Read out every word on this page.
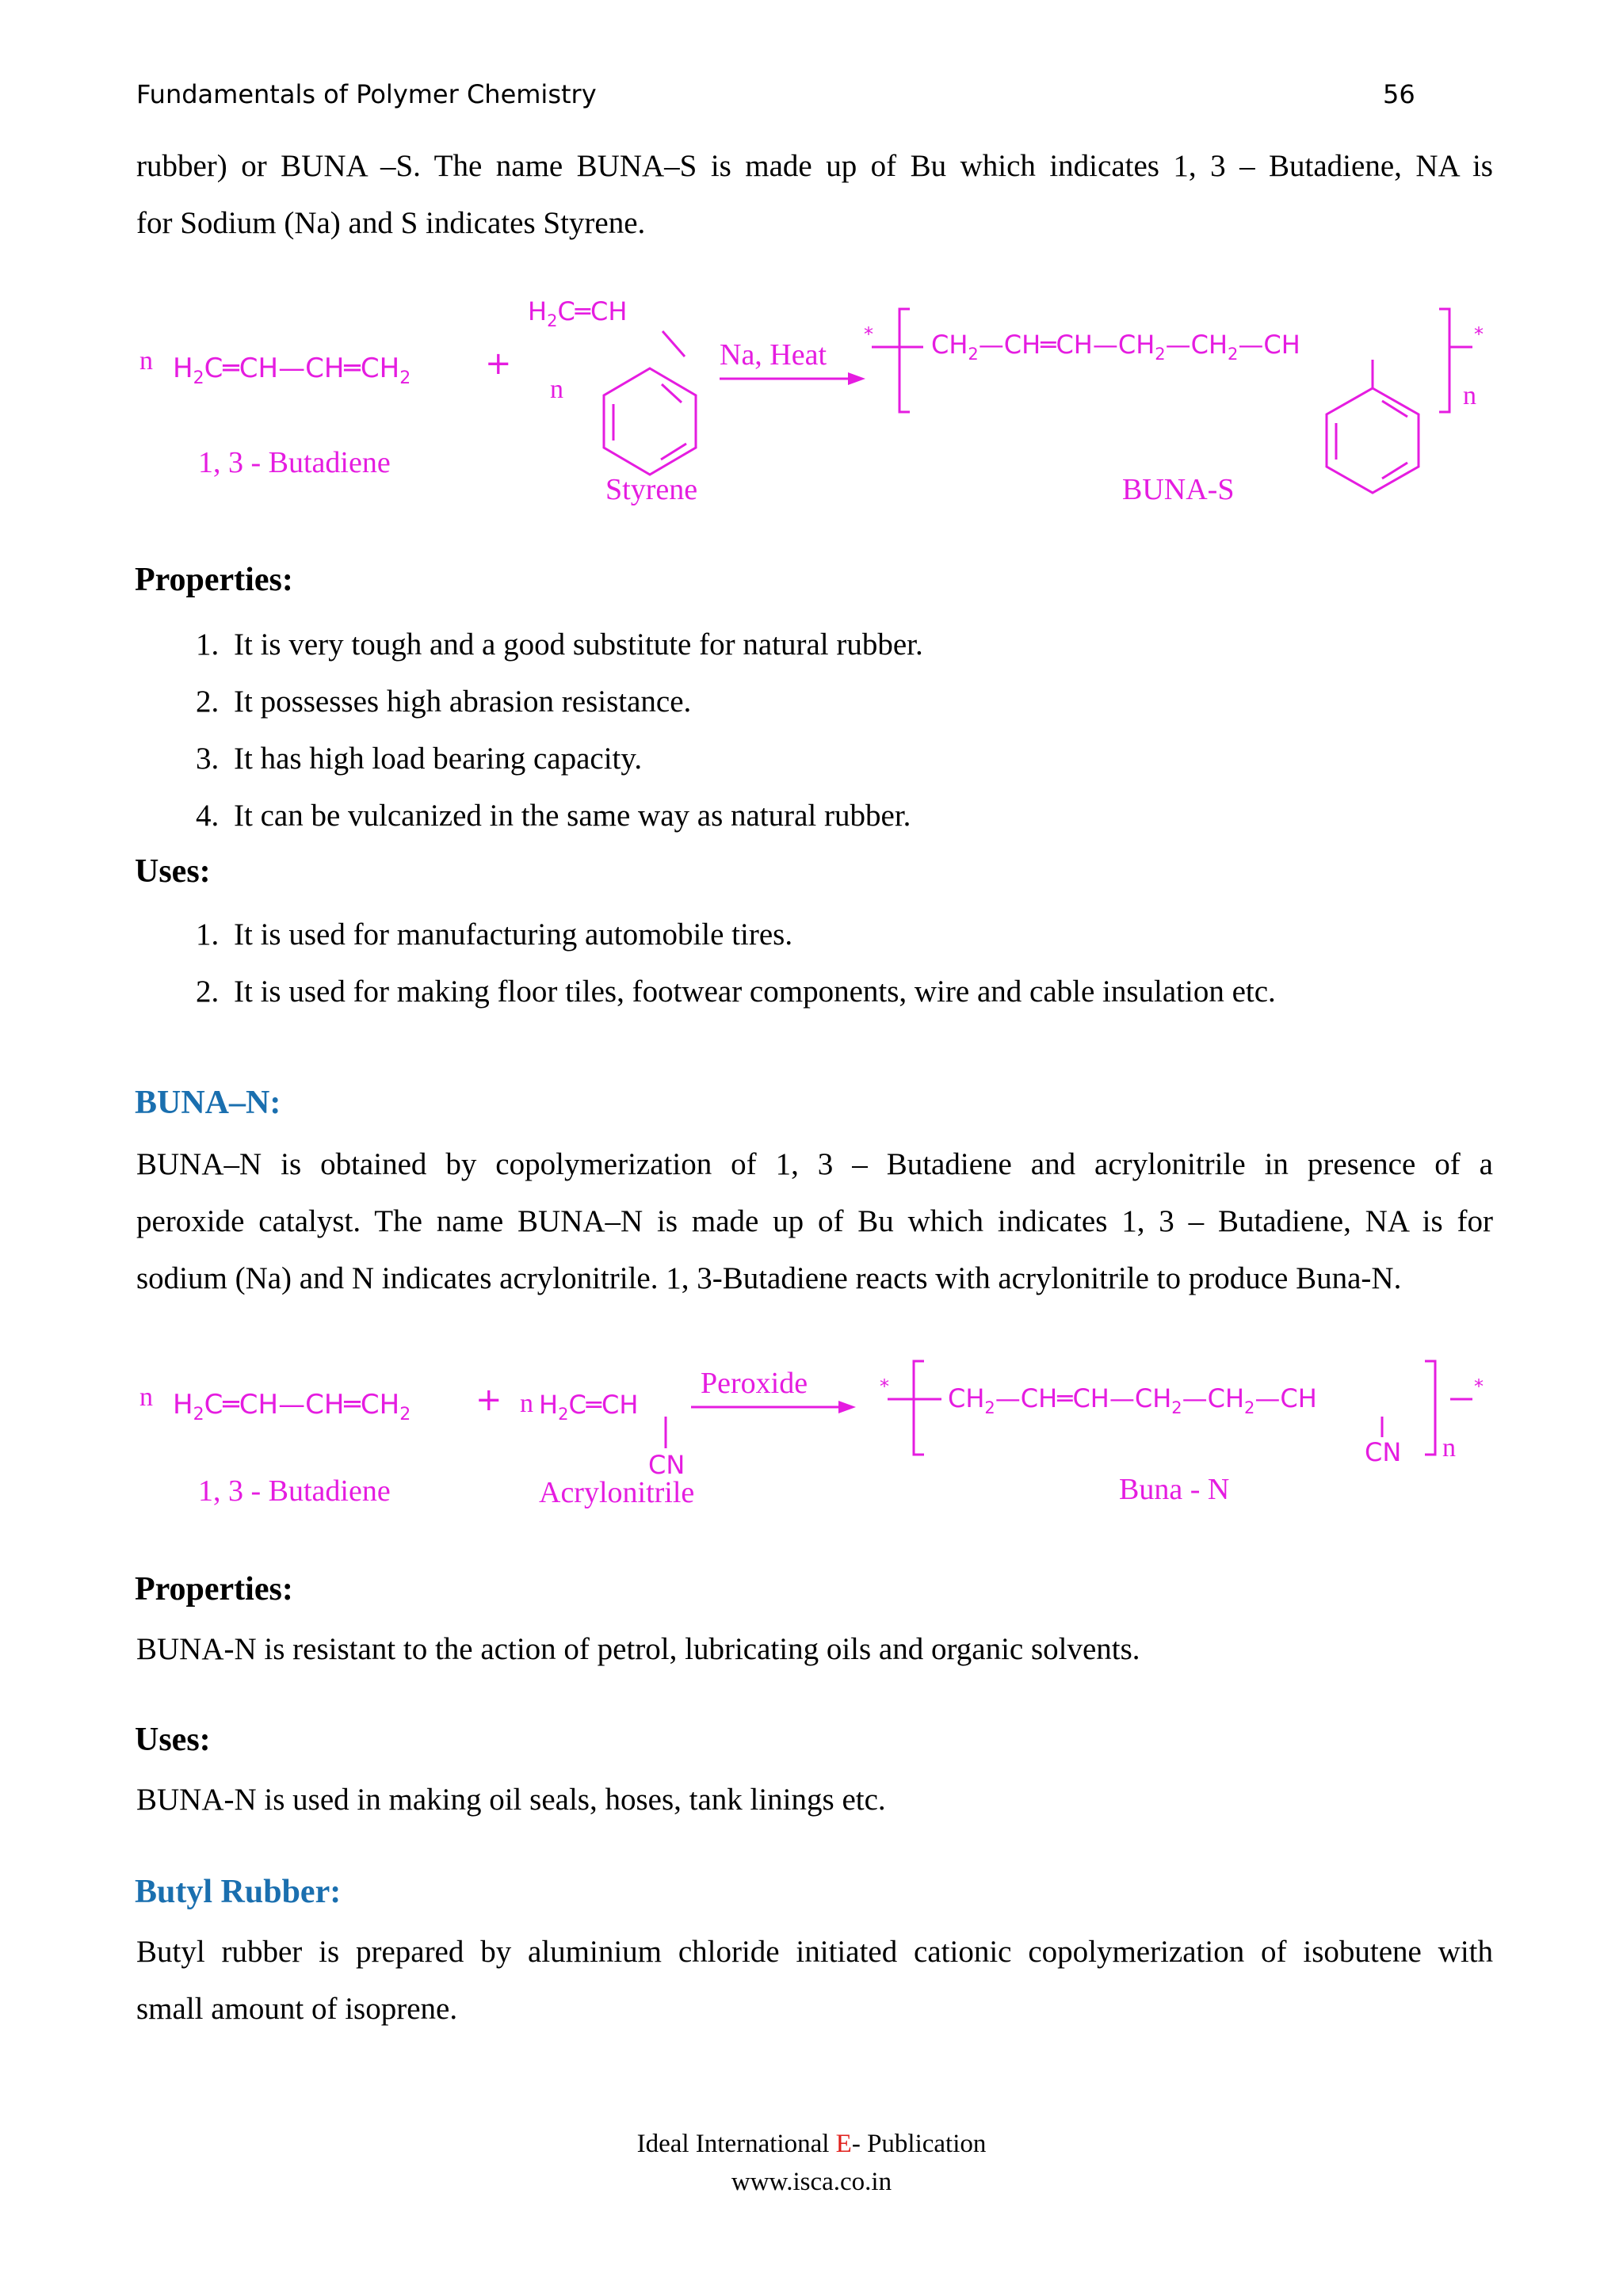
Fundamentals of Polymer Chemistry	56

rubber) or BUNA –S. The name BUNA–S is made up of Bu which indicates 1, 3 – Butadiene, NA is

for Sodium (Na) and S indicates Styrene.

n $H_2C═CH—CH═CH_2$ +
n
$H_2C═CH$
Na, Heat
* $CH_2—CH═CH—CH_2—CH_2—CH$	*
n
1, 3 - Butadiene
Styrene	BUNA-S
Properties:
1. It is very tough and a good substitute for natural rubber.
2. It possesses high abrasion resistance.
3. It has high load bearing capacity.
4. It can be vulcanized in the same way as natural rubber.
Uses:
1. It is used for manufacturing automobile tires.
2. It is used for making floor tiles, footwear components, wire and cable insulation etc.
BUNA–N:

BUNA–N is obtained by copolymerization of 1, 3 – Butadiene and acrylonitrile in presence of a

peroxide catalyst. The name BUNA–N is made up of Bu which indicates 1, 3 – Butadiene, NA is for

sodium (Na) and N indicates acrylonitrile. 1, 3-Butadiene reacts with acrylonitrile to produce Buna-N.

n $H_2C═CH—CH═CH_2 + n$ $H_2C═CH$
CN
Peroxide	* $CH_2—CH═CH—CH_2—CH_2—CH$
CN
*
n
1, 3 - Butadiene	Acrylonitrile	Buna - N
Properties:

BUNA-N is resistant to the action of petrol, lubricating oils and organic solvents.

Uses:

BUNA-N is used in making oil seals, hoses, tank linings etc.

Butyl Rubber:

Butyl rubber is prepared by aluminium chloride initiated cationic copolymerization of isobutene with

small amount of isoprene.

Ideal International E- Publication
www.isca.co.in
